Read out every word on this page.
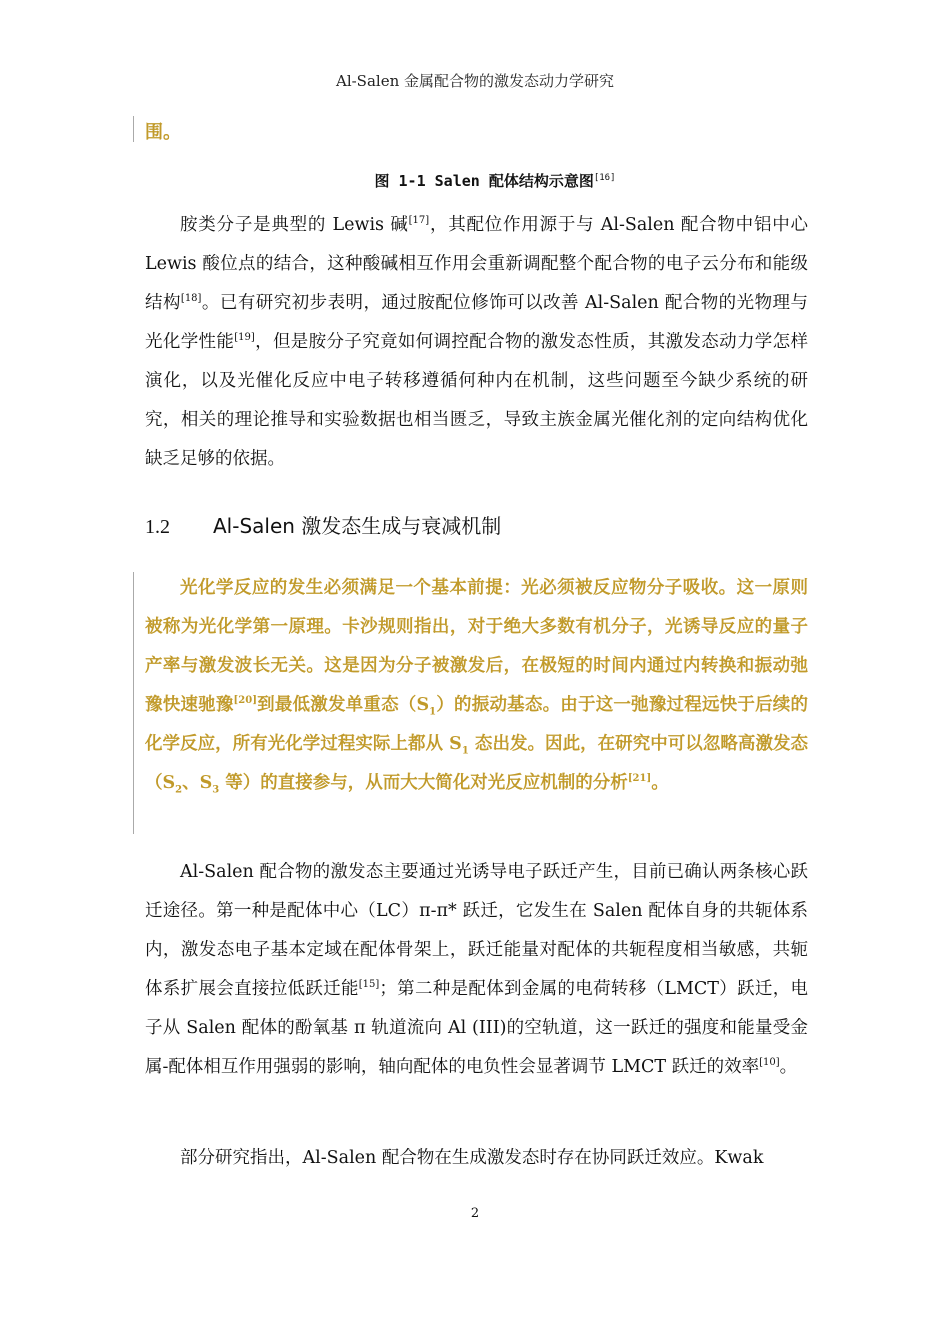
Al-Salen 金属配合物的激发态动力学研究
围。
图 1-1 Salen 配体结构示意图[16]

胺类分子是典型的 Lewis 碱[17]，其配位作用源于与 Al-Salen 配合物中铝中心 Lewis 酸位点的结合，这种酸碱相互作用会重新调配整个配合物的电子云分布和能级结构[18]。已有研究初步表明，通过胺配位修饰可以改善 Al-Salen 配合物的光物理与光化学性能[19]，但是胺分子究竟如何调控配合物的激发态性质，其激发态动力学怎样演化，以及光催化反应中电子转移遵循何种内在机制，这些问题至今缺少系统的研究，相关的理论推导和实验数据也相当匮乏，导致主族金属光催化剂的定向结构优化缺乏足够的依据。

1.2 Al-Salen 激发态生成与衰减机制

光化学反应的发生必须满足一个基本前提：光必须被反应物分子吸收。这一原则被称为光化学第一原理。卡沙规则指出，对于绝大多数有机分子，光诱导反应的量子产率与激发波长无关。这是因为分子被激发后，在极短的时间内通过内转换和振动弛豫快速驰豫[20]到最低激发单重态$(S_1)$的振动基态。由于这一弛豫过程远快于后续的化学反应，所有光化学过程实际上都从 $S_1$ 态出发。因此，在研究中可以忽略高激发态（$S_2$、$S_3$ 等）的直接参与，从而大大简化对光反应机制的分析[21]。

Al-Salen 配合物的激发态主要通过光诱导电子跃迁产生，目前已确认两条核心跃迁途径。第一种是配体中心（LC）π-π* 跃迁，它发生在 Salen 配体自身的共轭体系内，激发态电子基本定域在配体骨架上，跃迁能量对配体的共轭程度相当敏感，共轭体系扩展会直接拉低跃迁能[15]；第二种是配体到金属的电荷转移（LMCT）跃迁，电子从 Salen 配体的酚氧基 π 轨道流向 Al (III)的空轨道，这一跃迁的强度和能量受金属-配体相互作用强弱的影响，轴向配体的电负性会显著调节 LMCT 跃迁的效率[10]。

部分研究指出，Al-Salen 配合物在生成激发态时存在协同跃迁效应。Kwak

2
